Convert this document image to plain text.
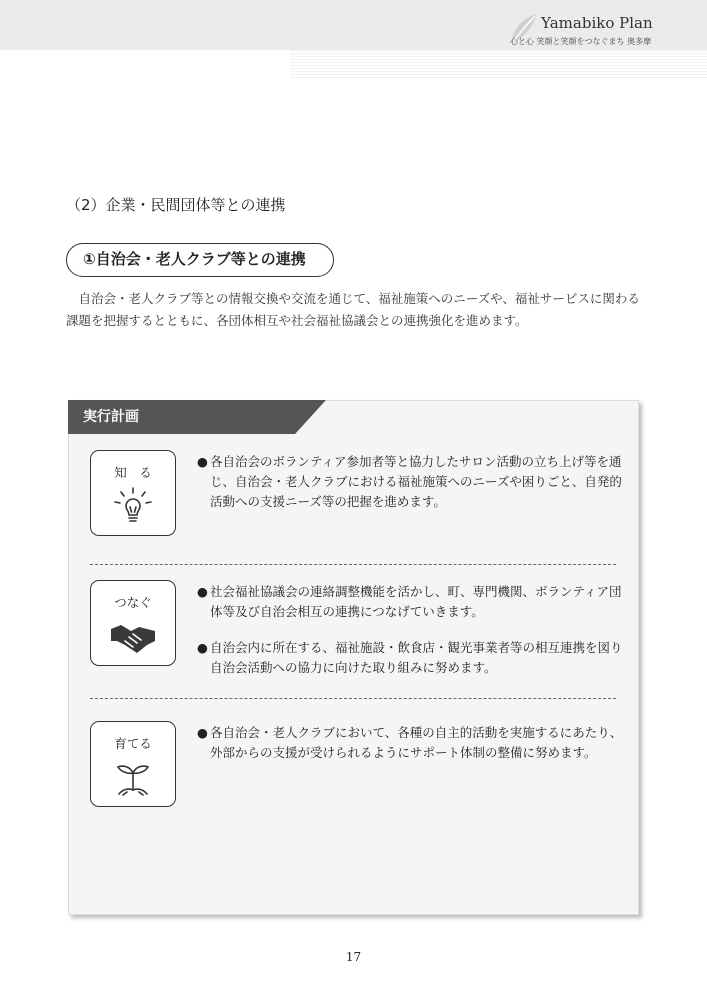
Yamabiko Plan
心と心 笑顔と笑顔をつなぐまち 奥多摩
（2）企業・民間団体等との連携
①自治会・老人クラブ等との連携
自治会・老人クラブ等との情報交換や交流を通じて、福祉施策へのニーズや、福祉サービスに関わる課題を把握するとともに、各団体相互や社会福祉協議会との連携強化を進めます。
実行計画
知　る
● 各自治会のボランティア参加者等と協力したサロン活動の立ち上げ等を通じ、自治会・老人クラブにおける福祉施策へのニーズや困りごと、自発的活動への支援ニーズ等の把握を進めます。
つなぐ
● 社会福祉協議会の連絡調整機能を活かし、町、専門機関、ボランティア団体等及び自治会相互の連携につなげていきます。
● 自治会内に所在する、福祉施設・飲食店・観光事業者等の相互連携を図り自治会活動への協力に向けた取り組みに努めます。
育てる
● 各自治会・老人クラブにおいて、各種の自主的活動を実施するにあたり、外部からの支援が受けられるようにサポート体制の整備に努めます。
17
